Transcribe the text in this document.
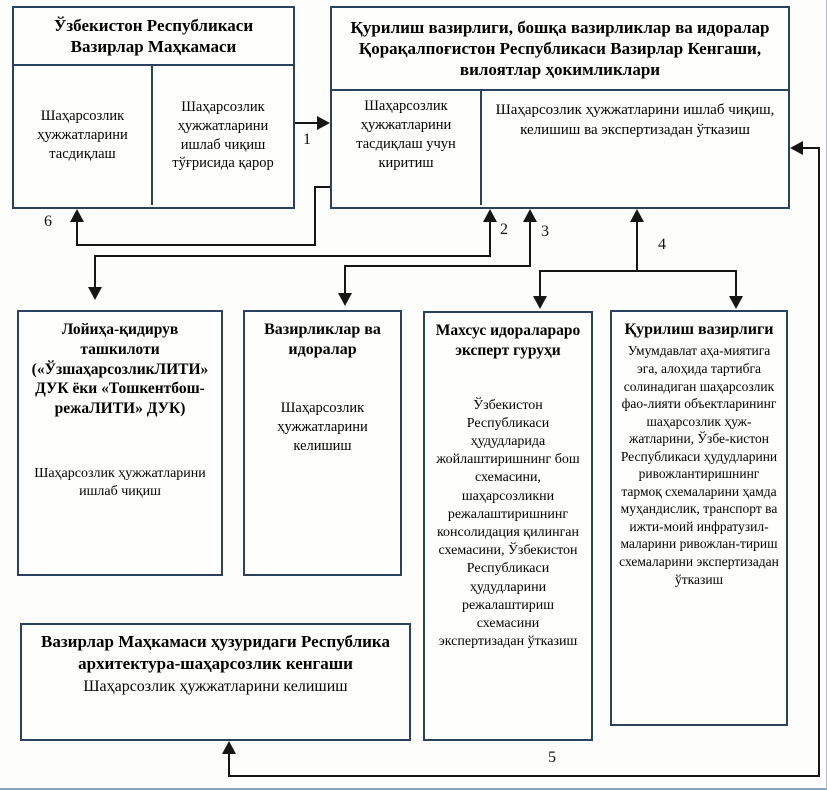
Ўзбекистон Республикаси Вазирлар Маҳкамаси
Шаҳарсозлик ҳужжатларини тасдиқлаш
Шаҳарсозлик ҳужжатларини ишлаб чиқиш тўғрисида қарор
Қурилиш вазирлиги, бошқа вазирликлар ва идоралар Қорақалпоғистон Республикаси Вазирлар Кенгаши, вилоятлар ҳокимликлари
Шаҳарсозлик ҳужжатларини тасдиқлаш учун киритиш
Шаҳарсозлик ҳужжатларини ишлаб чиқиш, келишиш ва экспертизадан ўтказиш
Лойиҳа-қидирув ташкилоти («ЎзшаҳарсозликЛИТИ» ДУК ёки «Тошкентбош-режаЛИТИ» ДУК)
Шаҳарсозлик ҳужжатларини ишлаб чиқиш
Вазирликлар ва идоралар
Шаҳарсозлик ҳужжатларини келишиш
Махсус идоралараро эксперт гуруҳи
Ўзбекистон Республикаси ҳудудларида жойлаштиришнинг бош схемасини, шаҳарсозликни режалаштиришнинг консолидация қилинган схемасини, Ўзбекистон Республикаси ҳудудларини режалаштириш схемасини экспертизадан ўтказиш
Қурилиш вазирлиги
Умумдавлат аҳа-миятига эга, алоҳида тартибга солинадиган шаҳарсозлик фао-лияти объектларининг шаҳарсозлик ҳуж-жатларини, Ўзбе-кистон Республикаси ҳудудларини ривожлантиришнинг тармоқ схемаларини ҳамда муҳандислик, транспорт ва ижти-моий инфратузил-маларини ривожлан-тириш схемаларини экспертизадан ўтказиш
Вазирлар Маҳкамаси ҳузуридаги Республика архитектура-шаҳарсозлик кенгаши
Шаҳарсозлик ҳужжатларини келишиш
1
6	2 3
4
5
